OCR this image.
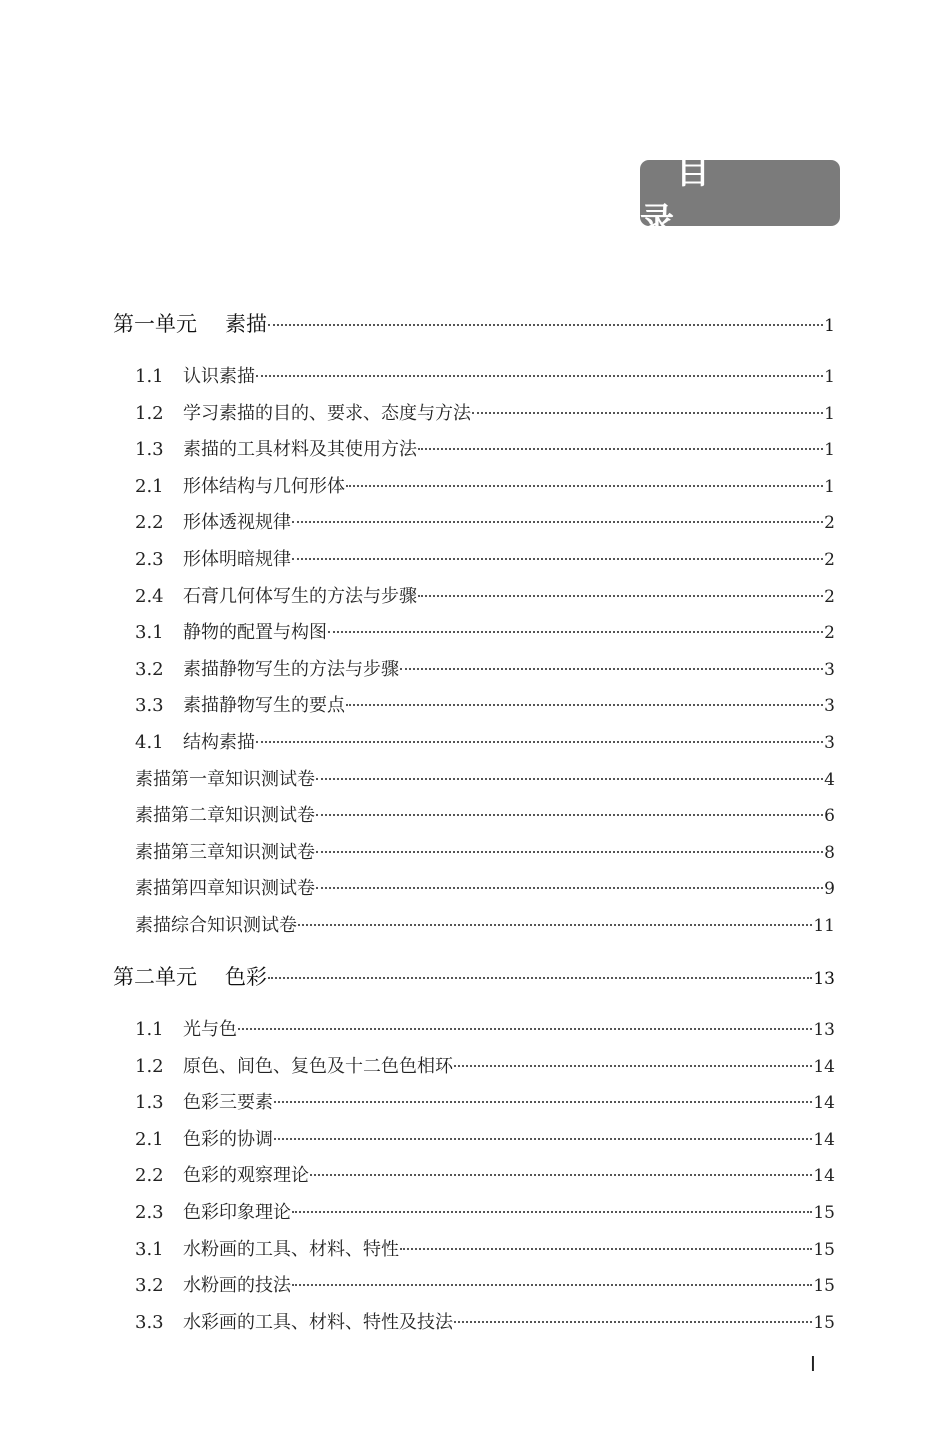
目 录
第一单元 素描	1
1.1	认识素描	1
1.2	学习素描的目的、要求、态度与方法	1
1.3	素描的工具材料及其使用方法	1
2.1	形体结构与几何形体	1
2.2	形体透视规律	2
2.3	形体明暗规律	2
2.4	石膏几何体写生的方法与步骤	2
3.1	静物的配置与构图	2
3.2	素描静物写生的方法与步骤	3
3.3	素描静物写生的要点	3
4.1	结构素描	3
素描第一章知识测试卷	4
素描第二章知识测试卷	6
素描第三章知识测试卷	8
素描第四章知识测试卷	9
素描综合知识测试卷	11
第二单元 色彩	13
1.1	光与色	13
1.2	原色、间色、复色及十二色色相环	14
1.3	色彩三要素	14
2.1	色彩的协调	14
2.2	色彩的观察理论	14
2.3	色彩印象理论	15
3.1	水粉画的工具、材料、特性	15
3.2	水粉画的技法	15
3.3	水彩画的工具、材料、特性及技法	15
I
